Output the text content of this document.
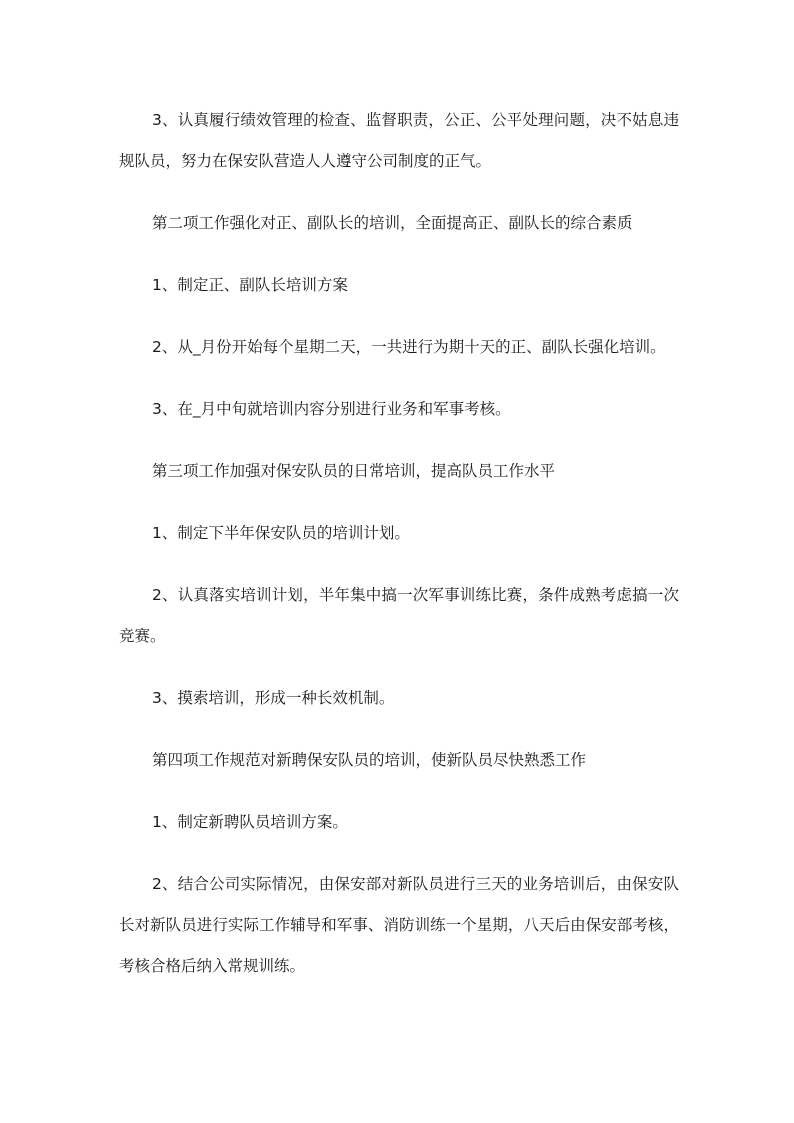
3、认真履行绩效管理的检查、监督职责，公正、公平处理问题，决不姑息违规队员，努力在保安队营造人人遵守公司制度的正气。

第二项工作强化对正、副队长的培训，全面提高正、副队长的综合素质

1、制定正、副队长培训方案

2、从_月份开始每个星期二天，一共进行为期十天的正、副队长强化培训。

3、在_月中旬就培训内容分别进行业务和军事考核。

第三项工作加强对保安队员的日常培训，提高队员工作水平

1、制定下半年保安队员的培训计划。

2、认真落实培训计划，半年集中搞一次军事训练比赛，条件成熟考虑搞一次竞赛。

3、摸索培训，形成一种长效机制。

第四项工作规范对新聘保安队员的培训，使新队员尽快熟悉工作

1、制定新聘队员培训方案。

2、结合公司实际情况，由保安部对新队员进行三天的业务培训后，由保安队长对新队员进行实际工作辅导和军事、消防训练一个星期，八天后由保安部考核，考核合格后纳入常规训练。
